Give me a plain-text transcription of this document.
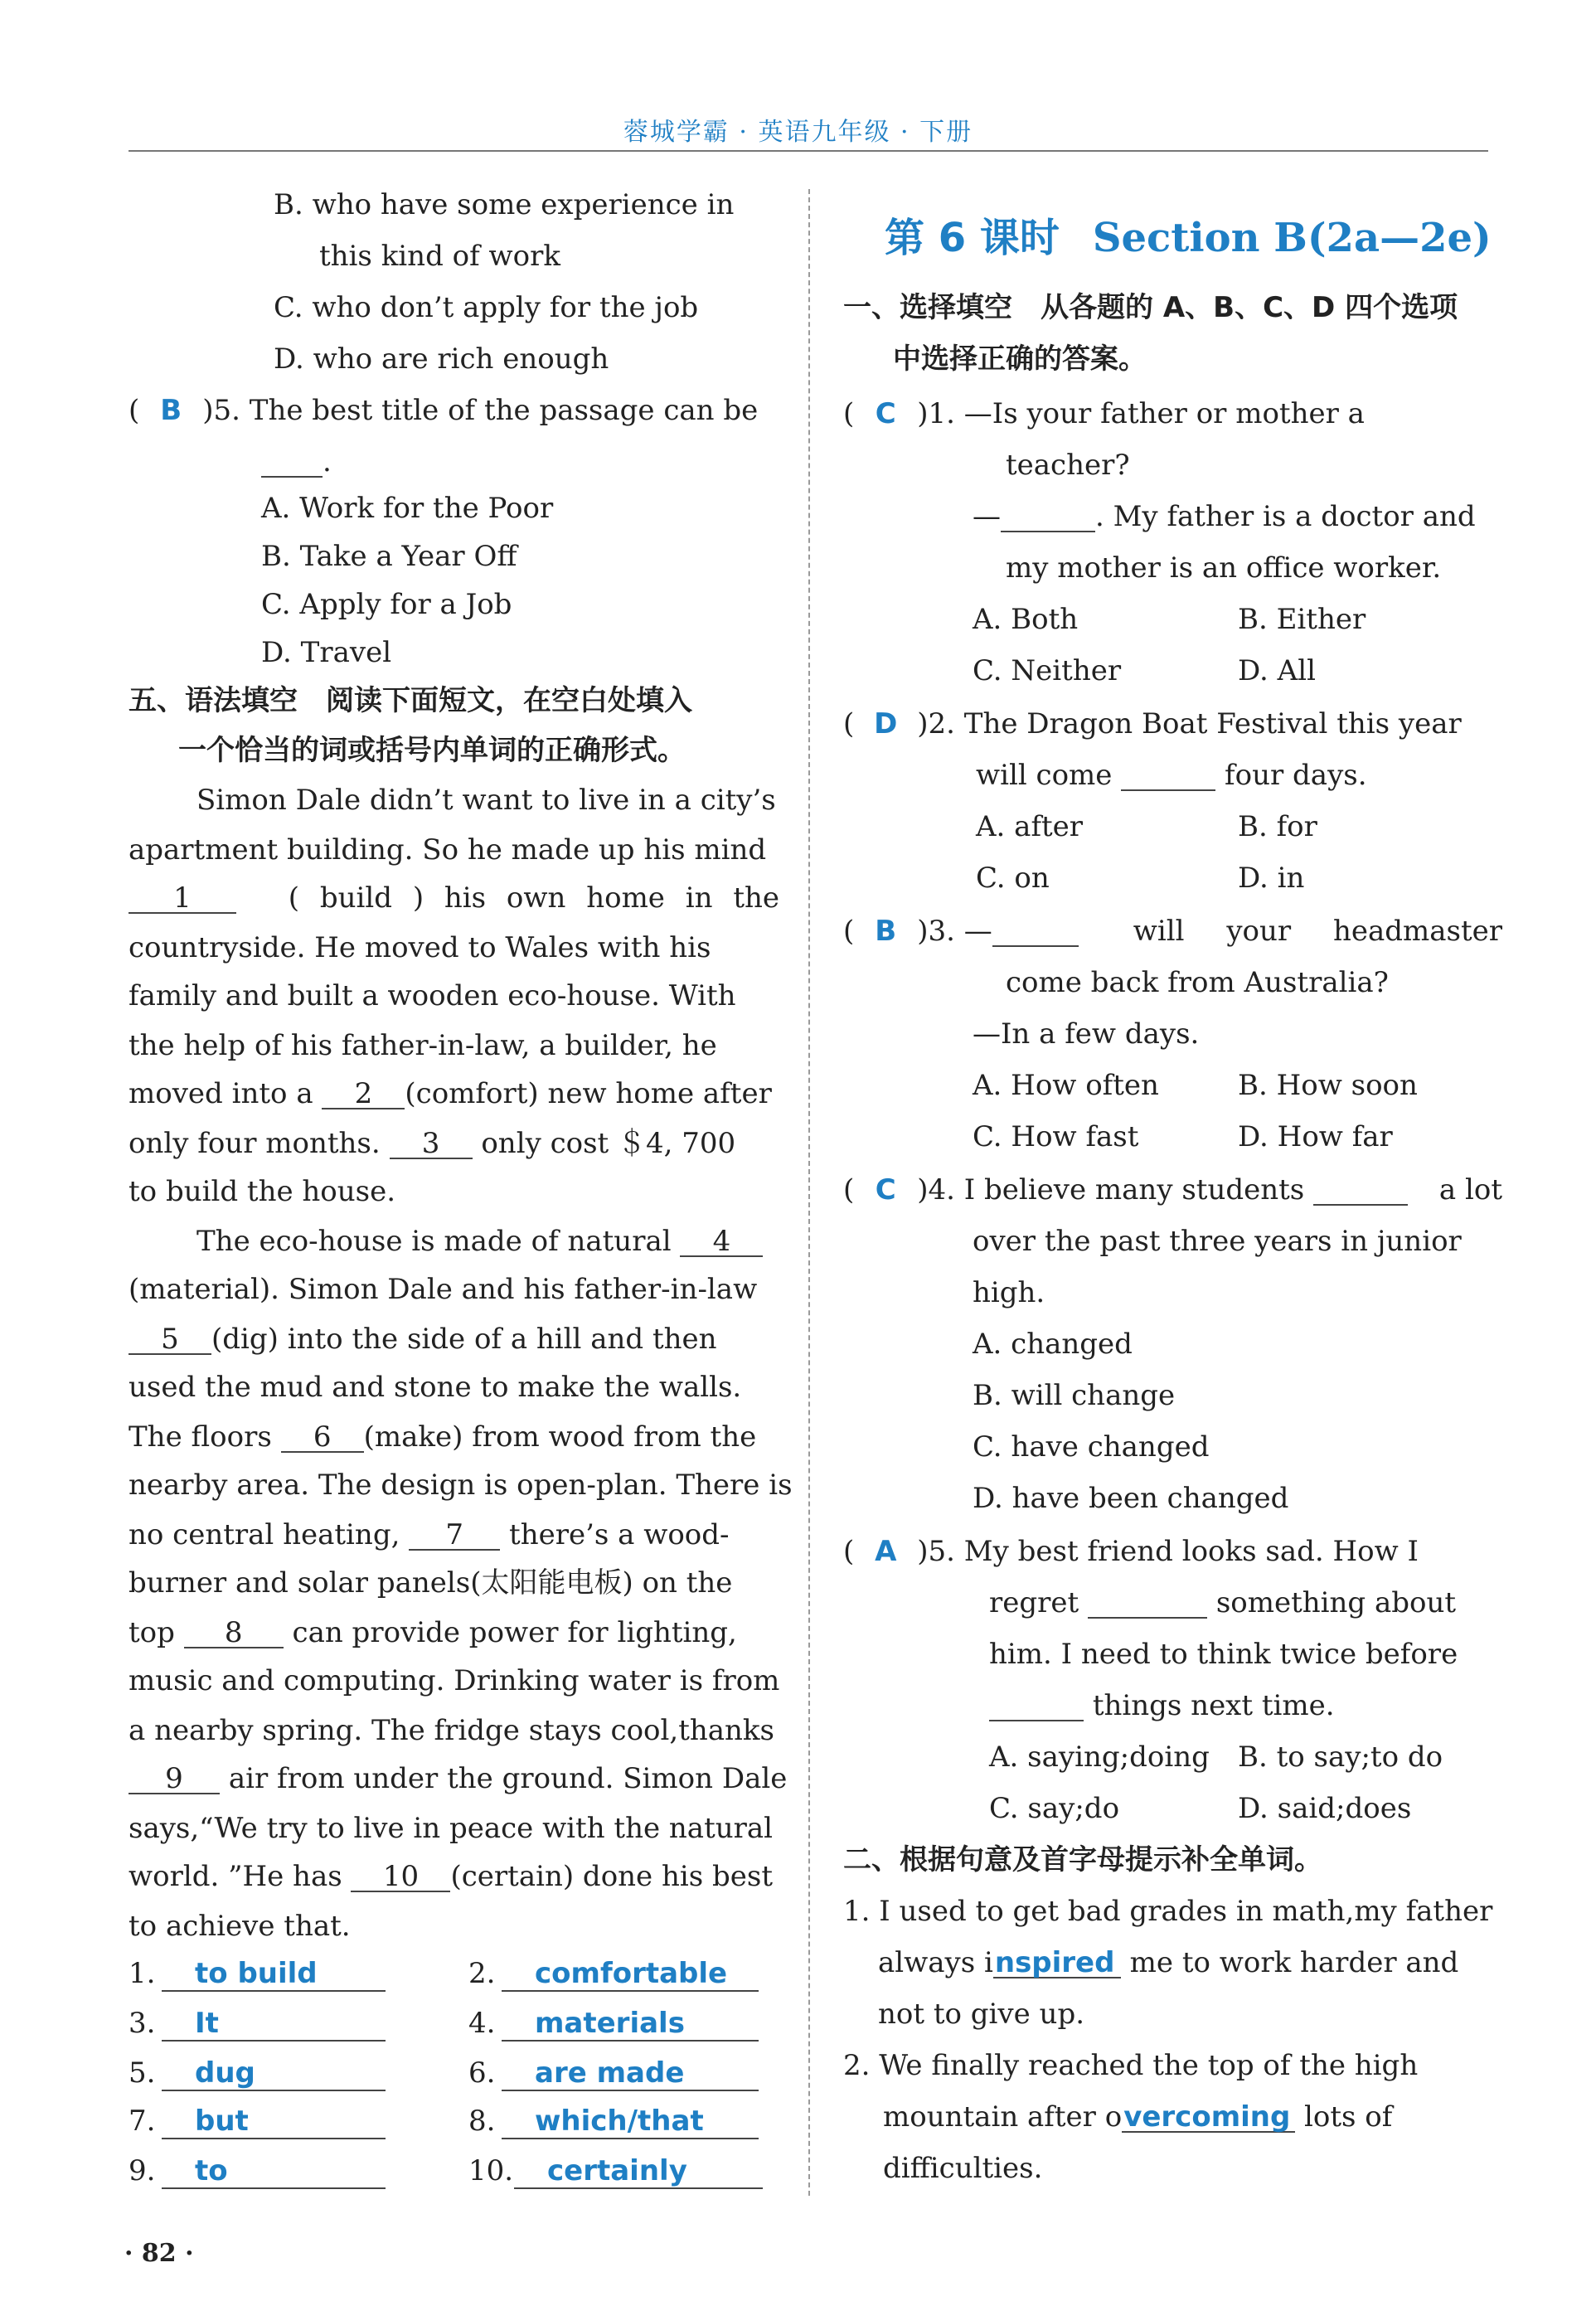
蓉城学霸 · 英语九年级 · 下册
B. who have some experience in
this kind of work
C. who don’t apply for the job
D. who are rich enough
( B )5. The best title of the passage can be
.
A. Work for the Poor
B. Take a Year Off
C. Apply for a Job
D. Travel
五、语法填空　阅读下面短文，在空白处填入
一个恰当的词或括号内单词的正确形式。
Simon Dale didn’t want to live in a city’s
apartment building. So he made up his mind
1	( build ) his own home in the
countryside. He moved to Wales with his
family and built a wooden eco-house. With
the help of his father-in-law, a builder, he
moved into a 2 (comfort) new home after
only four months. 3 only cost ＄4, 700
to build the house.
The eco-house is made of natural 4
(material). Simon Dale and his father-in-law
5 (dig) into the side of a hill and then
used the mud and stone to make the walls.
The floors 6 (make) from wood from the
nearby area. The design is open-plan. There is
no central heating, 7 there’s a wood-
burner and solar panels(太阳能电板) on the
top 8 can provide power for lighting,
music and computing. Drinking water is from
a nearby spring. The fridge stays cool,thanks
9 air from under the ground. Simon Dale
says,“We try to live in peace with the natural
world. ”He has 10 (certain) done his best
to achieve that.
1. to build	2. comfortable
3. It	4. materials
5. dug	6. are made
7. but	8. which/that
9. to	10. certainly
第 6 课时 Section B(2a—2e)
一、选择填空　从各题的 A、B、C、D 四个选项
中选择正确的答案。
( C )1. —Is your father or mother a
teacher?
—	. My father is a doctor and
my mother is an office worker.
A. Both	B. Either
C. Neither	D. All
( D )2. The Dragon Boat Festival this year
will come	four days.
A. after	B. for
C. on	D. in
( B )3. —	will your headmaster
come back from Australia?
—In a few days.
A. How often	B. How soon
C. How fast	D. How far
( C )4. I believe many students	a lot
over the past three years in junior
high.
A. changed
B. will change
C. have changed
D. have been changed
( A )5. My best friend looks sad. How I
regret	something about
him. I need to think twice before
things next time.
A. saying;doing B. to say;to do
C. say;do	D. said;does
二、根据句意及首字母提示补全单词。
1. I used to get bad grades in math,my father
always inspired me to work harder and
not to give up.
2. We finally reached the top of the high
mountain after overcoming lots of
difficulties.
· 82 ·
